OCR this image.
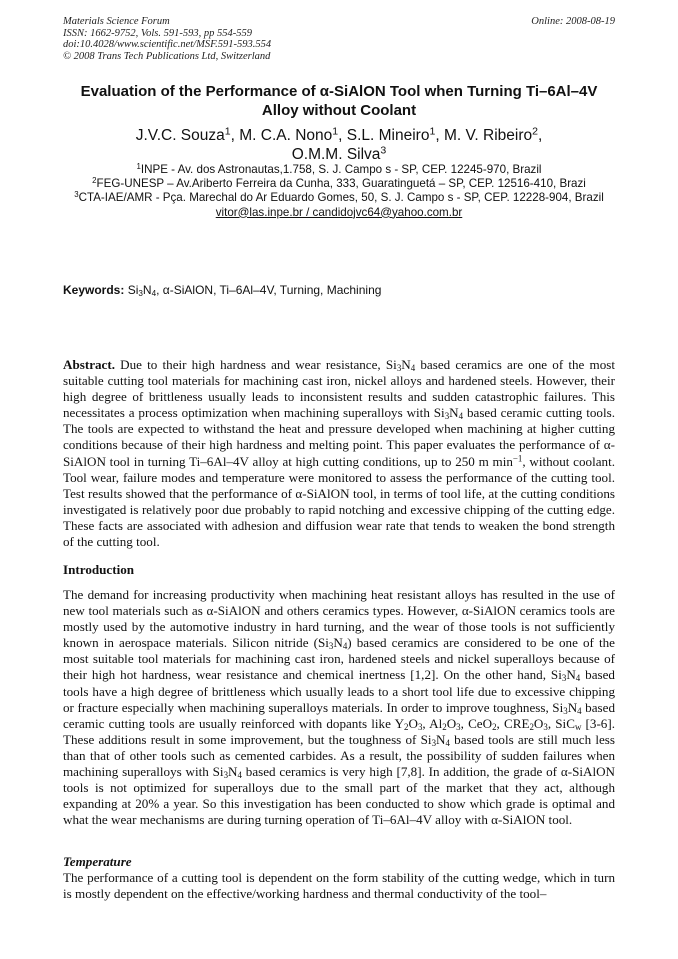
Materials Science Forum
ISSN: 1662-9752, Vols. 591-593, pp 554-559
doi:10.4028/www.scientific.net/MSF.591-593.554
© 2008 Trans Tech Publications Ltd, Switzerland
Online: 2008-08-19
Evaluation of the Performance of α-SiAlON Tool when Turning Ti–6Al–4V Alloy without Coolant
J.V.C. Souza$^1$, M. C.A. Nono$^1$, S.L. Mineiro$^1$, M. V. Ribeiro$^2$,
O.M.M. Silva$^3$
$^1$INPE - Av. dos Astronautas,1.758, S. J. Campo s - SP, CEP. 12245-970, Brazil
$^2$FEG-UNESP – Av.Ariberto Ferreira da Cunha, 333, Guaratinguetá – SP, CEP. 12516-410, Brazi
$^3$CTA-IAE/AMR - Pça. Marechal do Ar Eduardo Gomes, 50, S. J. Campo s - SP, CEP. 12228-904, Brazil
vitor@las.inpe.br / candidojvc64@yahoo.com.br
Keywords: $Si_3N_4$, α-SiAlON, Ti–6Al–4V, Turning, Machining
Abstract. Due to their high hardness and wear resistance, $Si_3N_4$ based ceramics are one of the most suitable cutting tool materials for machining cast iron, nickel alloys and hardened steels. However, their high degree of brittleness usually leads to inconsistent results and sudden catastrophic failures. This necessitates a process optimization when machining superalloys with $Si_3N_4$ based ceramic cutting tools. The tools are expected to withstand the heat and pressure developed when machining at higher cutting conditions because of their high hardness and melting point. This paper evaluates the performance of α-SiAlON tool in turning Ti–6Al–4V alloy at high cutting conditions, up to 250 m $\min^{-1}$, without coolant. Tool wear, failure modes and temperature were monitored to assess the performance of the cutting tool. Test results showed that the performance of α-SiAlON tool, in terms of tool life, at the cutting conditions investigated is relatively poor due probably to rapid notching and excessive chipping of the cutting edge. These facts are associated with adhesion and diffusion wear rate that tends to weaken the bond strength of the cutting tool.
Introduction
The demand for increasing productivity when machining heat resistant alloys has resulted in the use of new tool materials such as α-SiAlON and others ceramics types. However, α-SiAlON ceramics tools are mostly used by the automotive industry in hard turning, and the wear of those tools is not sufficiently known in aerospace materials. Silicon nitride $(Si_3N_4)$ based ceramics are considered to be one of the most suitable tool materials for machining cast iron, hardened steels and nickel superalloys because of their high hot hardness, wear resistance and chemical inertness [1,2]. On the other hand, $Si_3N_4$ based tools have a high degree of brittleness which usually leads to a short tool life due to excessive chipping or fracture especially when machining superalloys materials. In order to improve toughness, $Si_3N_4$ based ceramic cutting tools are usually reinforced with dopants like $Y_2O_3$, $Al_2O_3$, CeO$_2$, $CRE_2O_3$, SiC$_w$ [3-6]. These additions result in some improvement, but the toughness of $Si_3N_4$ based tools are still much less than that of other tools such as cemented carbides. As a result, the possibility of sudden failures when machining superalloys with $Si_3N_4$ based ceramics is very high [7,8]. In addition, the grade of α-SiAlON tools is not optimized for superalloys due to the small part of the market that they act, although expanding at 20% a year. So this investigation has been conducted to show which grade is optimal and what the wear mechanisms are during turning operation of Ti–6Al–4V alloy with α-SiAlON tool.
Temperature
The performance of a cutting tool is dependent on the form stability of the cutting wedge, which in turn is mostly dependent on the effective/working hardness and thermal conductivity of the tool–
